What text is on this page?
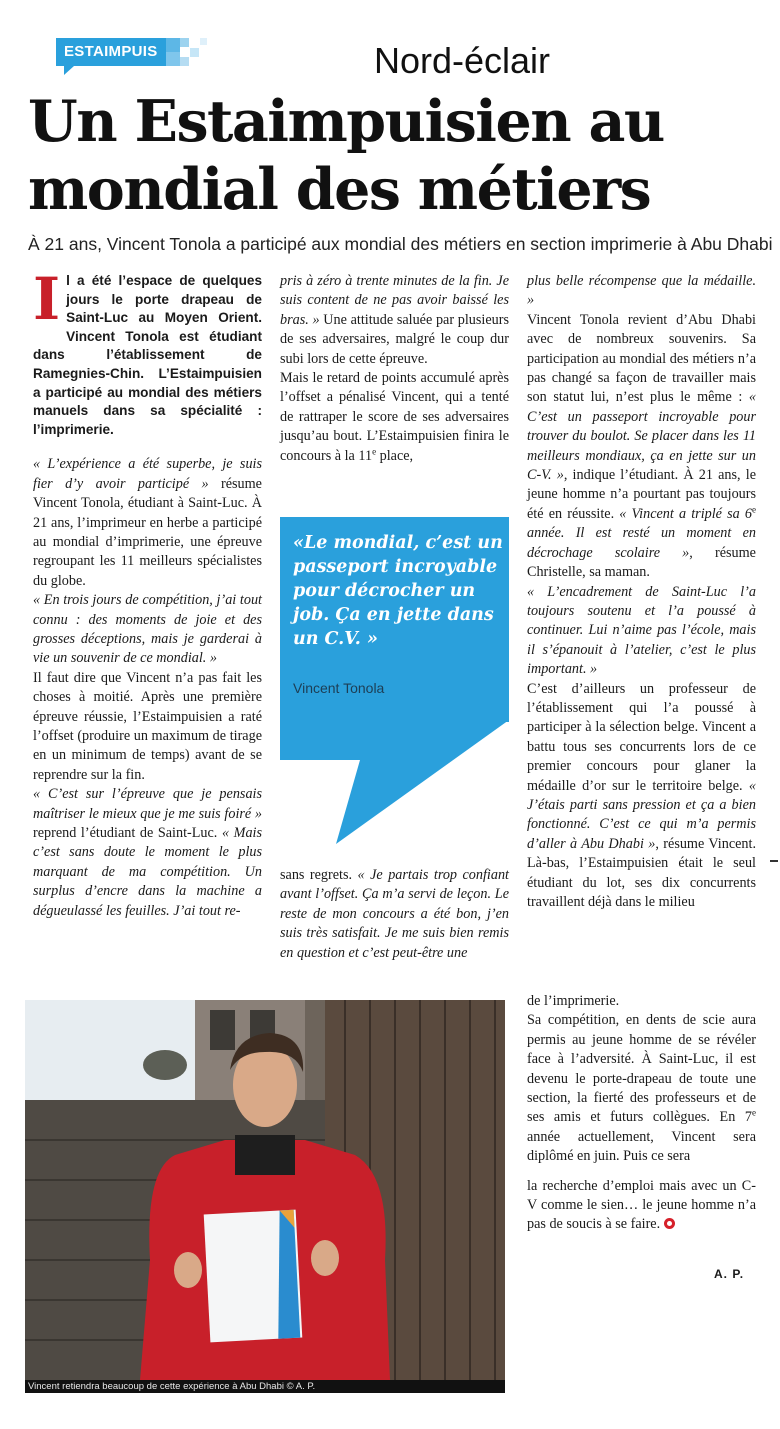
ESTAIMPUIS	Nord-éclair
Un Estaimpuisien au
mondial des métiers
À 21 ans, Vincent Tonola a participé aux mondial des métiers en section imprimerie à Abu Dhabi

Il a été l’espace de quelques jours le porte drapeau de Saint-Luc au Moyen Orient. Vincent Tonola est étudiant dans l’établissement de Ramegnies-Chin. L’Estaimpuisien a participé au mondial des métiers manuels dans sa spécialité : l’imprimerie.

« L’expérience a été superbe, je suis fier d’y avoir participé » résume Vincent Tonola, étudiant à Saint-Luc. À 21 ans, l’imprimeur en herbe a participé au mondial d’imprimerie, une épreuve regroupant les 11 meilleurs spécialistes du globe.

« En trois jours de compétition, j’ai tout connu : des moments de joie et des grosses déceptions, mais je garderai à vie un souvenir de ce mondial. »

Il faut dire que Vincent n’a pas fait les choses à moitié. Après une première épreuve réussie, l’Estaimpuisien a raté l’offset (produire un maximum de tirage en un minimum de temps) avant de se reprendre sur la fin.

« C’est sur l’épreuve que je pensais maîtriser le mieux que je me suis foiré » reprend l’étudiant de Saint-Luc. « Mais c’est sans doute le moment le plus marquant de ma compétition. Un surplus d’encre dans la machine a dégueulassé les feuilles. J’ai tout re-

pris à zéro à trente minutes de la fin. Je suis content de ne pas avoir baissé les bras. » Une attitude saluée par plusieurs de ses adversaires, malgré le coup dur subi lors de cette épreuve.

Mais le retard de points accumulé après l’offset a pénalisé Vincent, qui a tenté de rattraper le score de ses adversaires jusqu’au bout. L’Estaimpuisien finira le concours à la 11e place,

«Le mondial, c’est un passeport incroyable pour décrocher un job. Ça en jette dans un C.V. »
Vincent Tonola

sans regrets. « Je partais trop confiant avant l’offset. Ça m’a servi de leçon. Le reste de mon concours a été bon, j’en suis très satisfait. Je me suis bien remis en question et c’est peut-être une

plus belle récompense que la médaille. »

Vincent Tonola revient d’Abu Dhabi avec de nombreux souvenirs. Sa participation au mondial des métiers n’a pas changé sa façon de travailler mais son statut lui, n’est plus le même : « C’est un passeport incroyable pour trouver du boulot. Se placer dans les 11 meilleurs mondiaux, ça en jette sur un C-V. », indique l’étudiant. À 21 ans, le jeune homme n’a pourtant pas toujours été en réussite. « Vincent a triplé sa 6e année. Il est resté un moment en décrochage scolaire », résume Christelle, sa maman.

« L’encadrement de Saint-Luc l’a toujours soutenu et l’a poussé à continuer. Lui n’aime pas l’école, mais il s’épanouit à l’atelier, c’est le plus important. »

C’est d’ailleurs un professeur de l’établissement qui l’a poussé à participer à la sélection belge. Vincent a battu tous ses concurrents lors de ce premier concours pour glaner la médaille d’or sur le territoire belge. « J’étais parti sans pression et ça a bien fonctionné. C’est ce qui m’a permis d’aller à Abu Dhabi », résume Vincent. Là-bas, l’Estaimpuisien était le seul étudiant du lot, ses dix concurrents travaillent déjà dans le milieu

de l’imprimerie.

Sa compétition, en dents de scie aura permis au jeune homme de se révéler face à l’adversité. À Saint-Luc, il est devenu le porte-drapeau de toute une section, la fierté des professeurs et de ses amis et futurs collègues. En 7e année actuellement, Vincent sera diplômé en juin. Puis ce sera

la recherche d’emploi mais avec un C-V comme le sien… le jeune homme n’a pas de soucis à se faire.

A. P.
Vincent retiendra beaucoup de cette expérience à Abu Dhabi © A. P.
